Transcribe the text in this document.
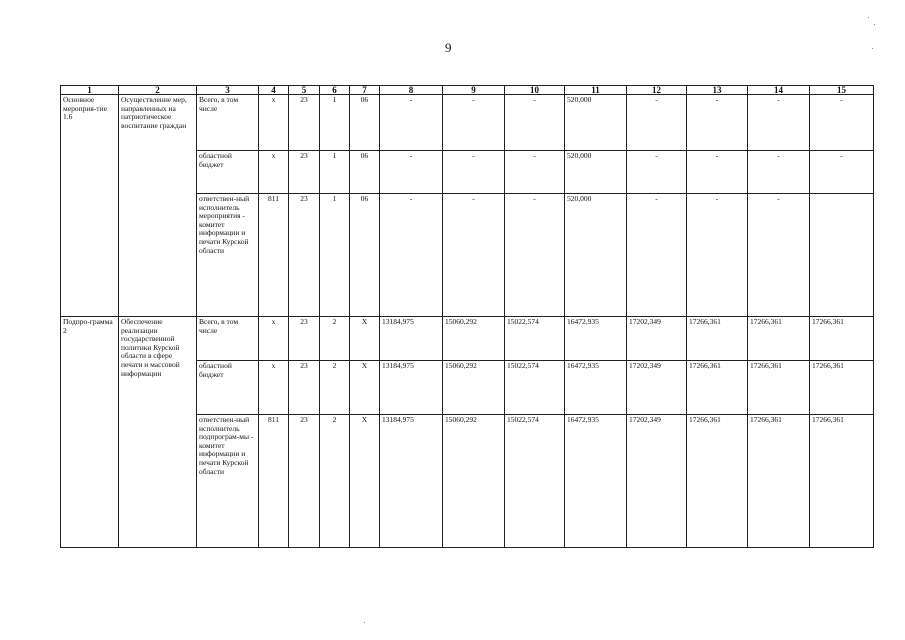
9
1	2	3	4	5	6	7	8	9	10	11	12	13	14	15
Основное мероприя-тие 1.6	Осуществление мер, направленных на патриотическое воспитание граждан	Всего, в том числе	x	23	1	06	-	-	-	520,000	-	-	-	-
		областной бюджет	x	23	1	06	-	-	-	520,000	-	-	-	-
		ответствен-ный исполнитель мероприятия - комитет информации и печати Курской области	811	23	1	06	-	-	-	520,000	-	-	-	
Подпро-грамма 2	Обеспечение реализации государственной политики Курской области в сфере печати и массовой информации	Всего, в том числе	x	23	2	X	13184,975	15060,292	15022,574	16472,935	17202,349	17266,361	17266,361	17266,361
		областной бюджет	x	23	2	X	13184,975	15060,292	15022,574	16472,935	17202,349	17266,361	17266,361	17266,361
		ответствен-ный исполнитель подпрограм-мы - комитет информации и печати Курской области	811	23	2	X	13184,975	15060,292	15022,574	16472,935	17202,349	17266,361	17266,361	17266,361
